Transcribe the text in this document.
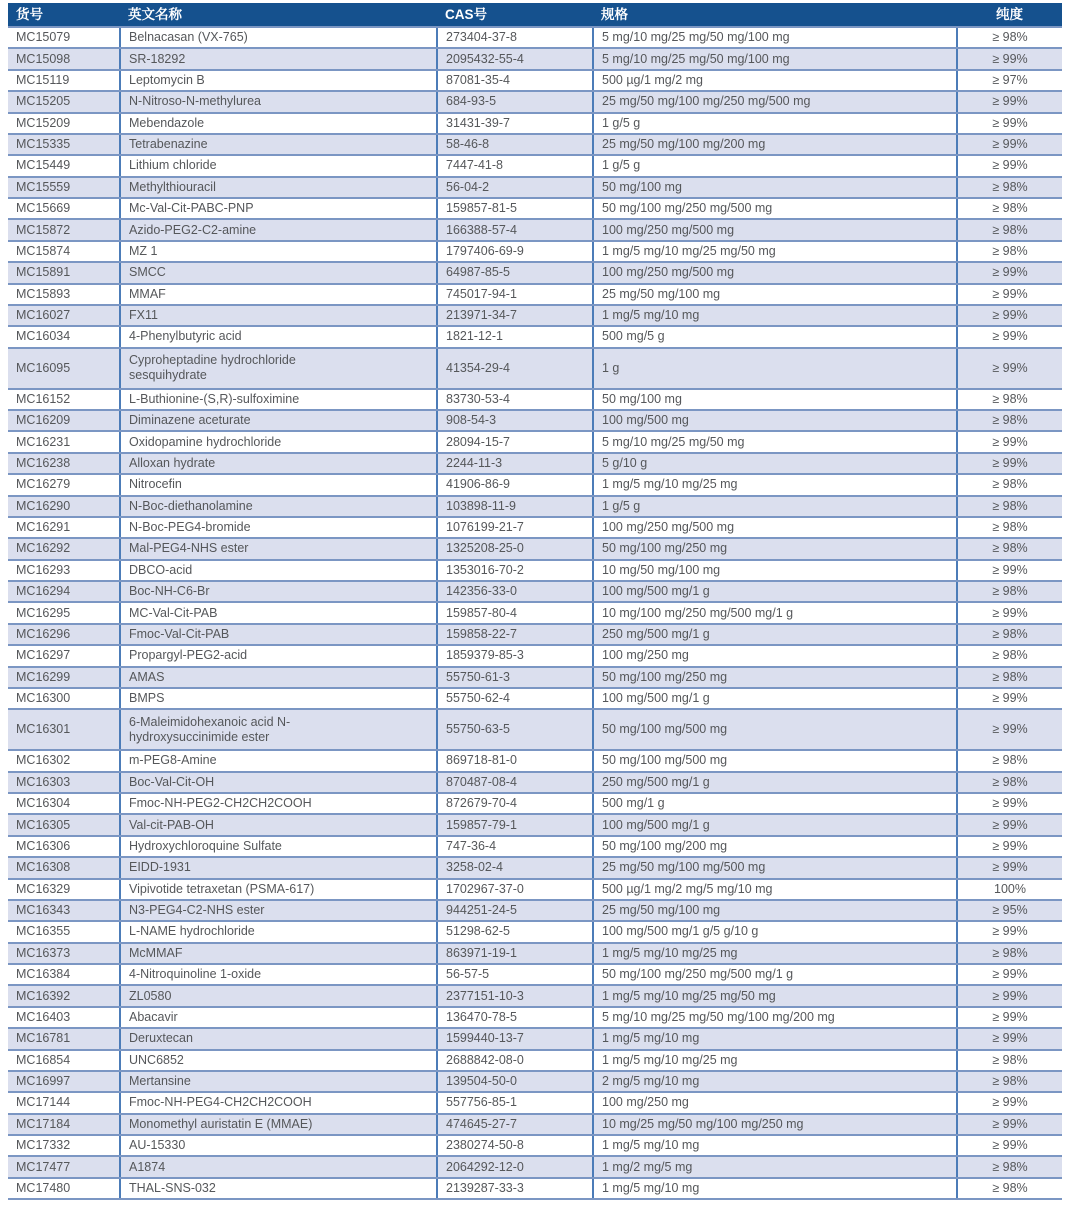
货号	英文名称	CAS号	规格	纯度
MC15079	Belnacasan (VX-765)	273404-37-8	5 mg/10 mg/25 mg/50 mg/100 mg	≥ 98%
MC15098	SR-18292	2095432-55-4	5 mg/10 mg/25 mg/50 mg/100 mg	≥ 99%
MC15119	Leptomycin B	87081-35-4	500 µg/1 mg/2 mg	≥ 97%
MC15205	N-Nitroso-N-methylurea	684-93-5	25 mg/50 mg/100 mg/250 mg/500 mg	≥ 99%
MC15209	Mebendazole	31431-39-7	1 g/5 g	≥ 99%
MC15335	Tetrabenazine	58-46-8	25 mg/50 mg/100 mg/200 mg	≥ 99%
MC15449	Lithium chloride	7447-41-8	1 g/5 g	≥ 99%
MC15559	Methylthiouracil	56-04-2	50 mg/100 mg	≥ 98%
MC15669	Mc-Val-Cit-PABC-PNP	159857-81-5	50 mg/100 mg/250 mg/500 mg	≥ 98%
MC15872	Azido-PEG2-C2-amine	166388-57-4	100 mg/250 mg/500 mg	≥ 98%
MC15874	MZ 1	1797406-69-9	1 mg/5 mg/10 mg/25 mg/50 mg	≥ 98%
MC15891	SMCC	64987-85-5	100 mg/250 mg/500 mg	≥ 99%
MC15893	MMAF	745017-94-1	25 mg/50 mg/100 mg	≥ 99%
MC16027	FX11	213971-34-7	1 mg/5 mg/10 mg	≥ 99%
MC16034	4-Phenylbutyric acid	1821-12-1	500 mg/5 g	≥ 99%
MC16095	Cyproheptadine hydrochloride sesquihydrate	41354-29-4	1 g	≥ 99%
MC16152	L-Buthionine-(S,R)-sulfoximine	83730-53-4	50 mg/100 mg	≥ 98%
MC16209	Diminazene aceturate	908-54-3	100 mg/500 mg	≥ 98%
MC16231	Oxidopamine hydrochloride	28094-15-7	5 mg/10 mg/25 mg/50 mg	≥ 99%
MC16238	Alloxan hydrate	2244-11-3	5 g/10 g	≥ 99%
MC16279	Nitrocefin	41906-86-9	1 mg/5 mg/10 mg/25 mg	≥ 98%
MC16290	N-Boc-diethanolamine	103898-11-9	1 g/5 g	≥ 98%
MC16291	N-Boc-PEG4-bromide	1076199-21-7	100 mg/250 mg/500 mg	≥ 98%
MC16292	Mal-PEG4-NHS ester	1325208-25-0	50 mg/100 mg/250 mg	≥ 98%
MC16293	DBCO-acid	1353016-70-2	10 mg/50 mg/100 mg	≥ 99%
MC16294	Boc-NH-C6-Br	142356-33-0	100 mg/500 mg/1 g	≥ 98%
MC16295	MC-Val-Cit-PAB	159857-80-4	10 mg/100 mg/250 mg/500 mg/1 g	≥ 99%
MC16296	Fmoc-Val-Cit-PAB	159858-22-7	250 mg/500 mg/1 g	≥ 98%
MC16297	Propargyl-PEG2-acid	1859379-85-3	100 mg/250 mg	≥ 98%
MC16299	AMAS	55750-61-3	50 mg/100 mg/250 mg	≥ 98%
MC16300	BMPS	55750-62-4	100 mg/500 mg/1 g	≥ 99%
MC16301	6-Maleimidohexanoic acid N-hydroxysuccinimide ester	55750-63-5	50 mg/100 mg/500 mg	≥ 99%
MC16302	m-PEG8-Amine	869718-81-0	50 mg/100 mg/500 mg	≥ 98%
MC16303	Boc-Val-Cit-OH	870487-08-4	250 mg/500 mg/1 g	≥ 98%
MC16304	Fmoc-NH-PEG2-CH2CH2COOH	872679-70-4	500 mg/1 g	≥ 99%
MC16305	Val-cit-PAB-OH	159857-79-1	100 mg/500 mg/1 g	≥ 99%
MC16306	Hydroxychloroquine Sulfate	747-36-4	50 mg/100 mg/200 mg	≥ 99%
MC16308	EIDD-1931	3258-02-4	25 mg/50 mg/100 mg/500 mg	≥ 99%
MC16329	Vipivotide tetraxetan (PSMA-617)	1702967-37-0	500 µg/1 mg/2 mg/5 mg/10 mg	100%
MC16343	N3-PEG4-C2-NHS ester	944251-24-5	25 mg/50 mg/100 mg	≥ 95%
MC16355	L-NAME hydrochloride	51298-62-5	100 mg/500 mg/1 g/5 g/10 g	≥ 99%
MC16373	McMMAF	863971-19-1	1 mg/5 mg/10 mg/25 mg	≥ 98%
MC16384	4-Nitroquinoline 1-oxide	56-57-5	50 mg/100 mg/250 mg/500 mg/1 g	≥ 99%
MC16392	ZL0580	2377151-10-3	1 mg/5 mg/10 mg/25 mg/50 mg	≥ 99%
MC16403	Abacavir	136470-78-5	5 mg/10 mg/25 mg/50 mg/100 mg/200 mg	≥ 99%
MC16781	Deruxtecan	1599440-13-7	1 mg/5 mg/10 mg	≥ 99%
MC16854	UNC6852	2688842-08-0	1 mg/5 mg/10 mg/25 mg	≥ 98%
MC16997	Mertansine	139504-50-0	2 mg/5 mg/10 mg	≥ 98%
MC17144	Fmoc-NH-PEG4-CH2CH2COOH	557756-85-1	100 mg/250 mg	≥ 99%
MC17184	Monomethyl auristatin E (MMAE)	474645-27-7	10 mg/25 mg/50 mg/100 mg/250 mg	≥ 99%
MC17332	AU-15330	2380274-50-8	1 mg/5 mg/10 mg	≥ 99%
MC17477	A1874	2064292-12-0	1 mg/2 mg/5 mg	≥ 98%
MC17480	THAL-SNS-032	2139287-33-3	1 mg/5 mg/10 mg	≥ 98%
